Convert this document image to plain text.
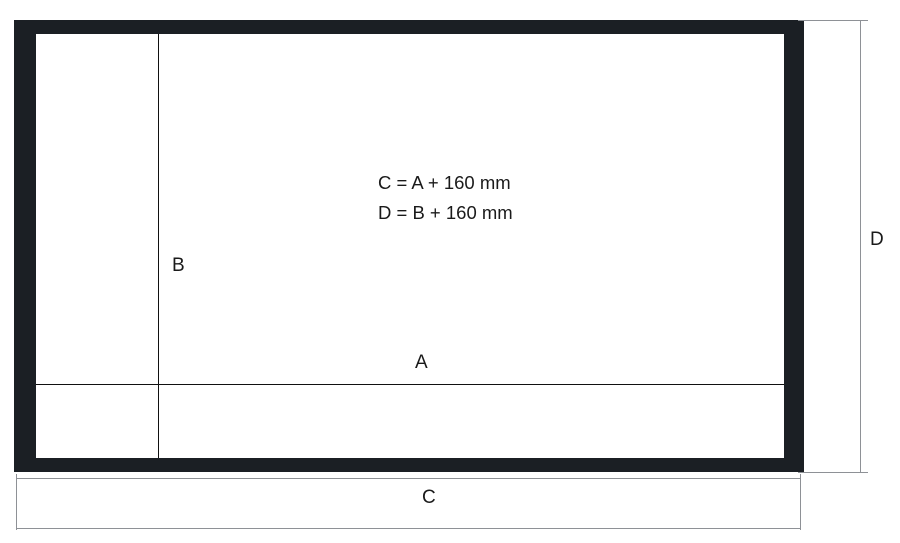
B
A
C
D
C = A + 160 mm
D = B + 160 mm
